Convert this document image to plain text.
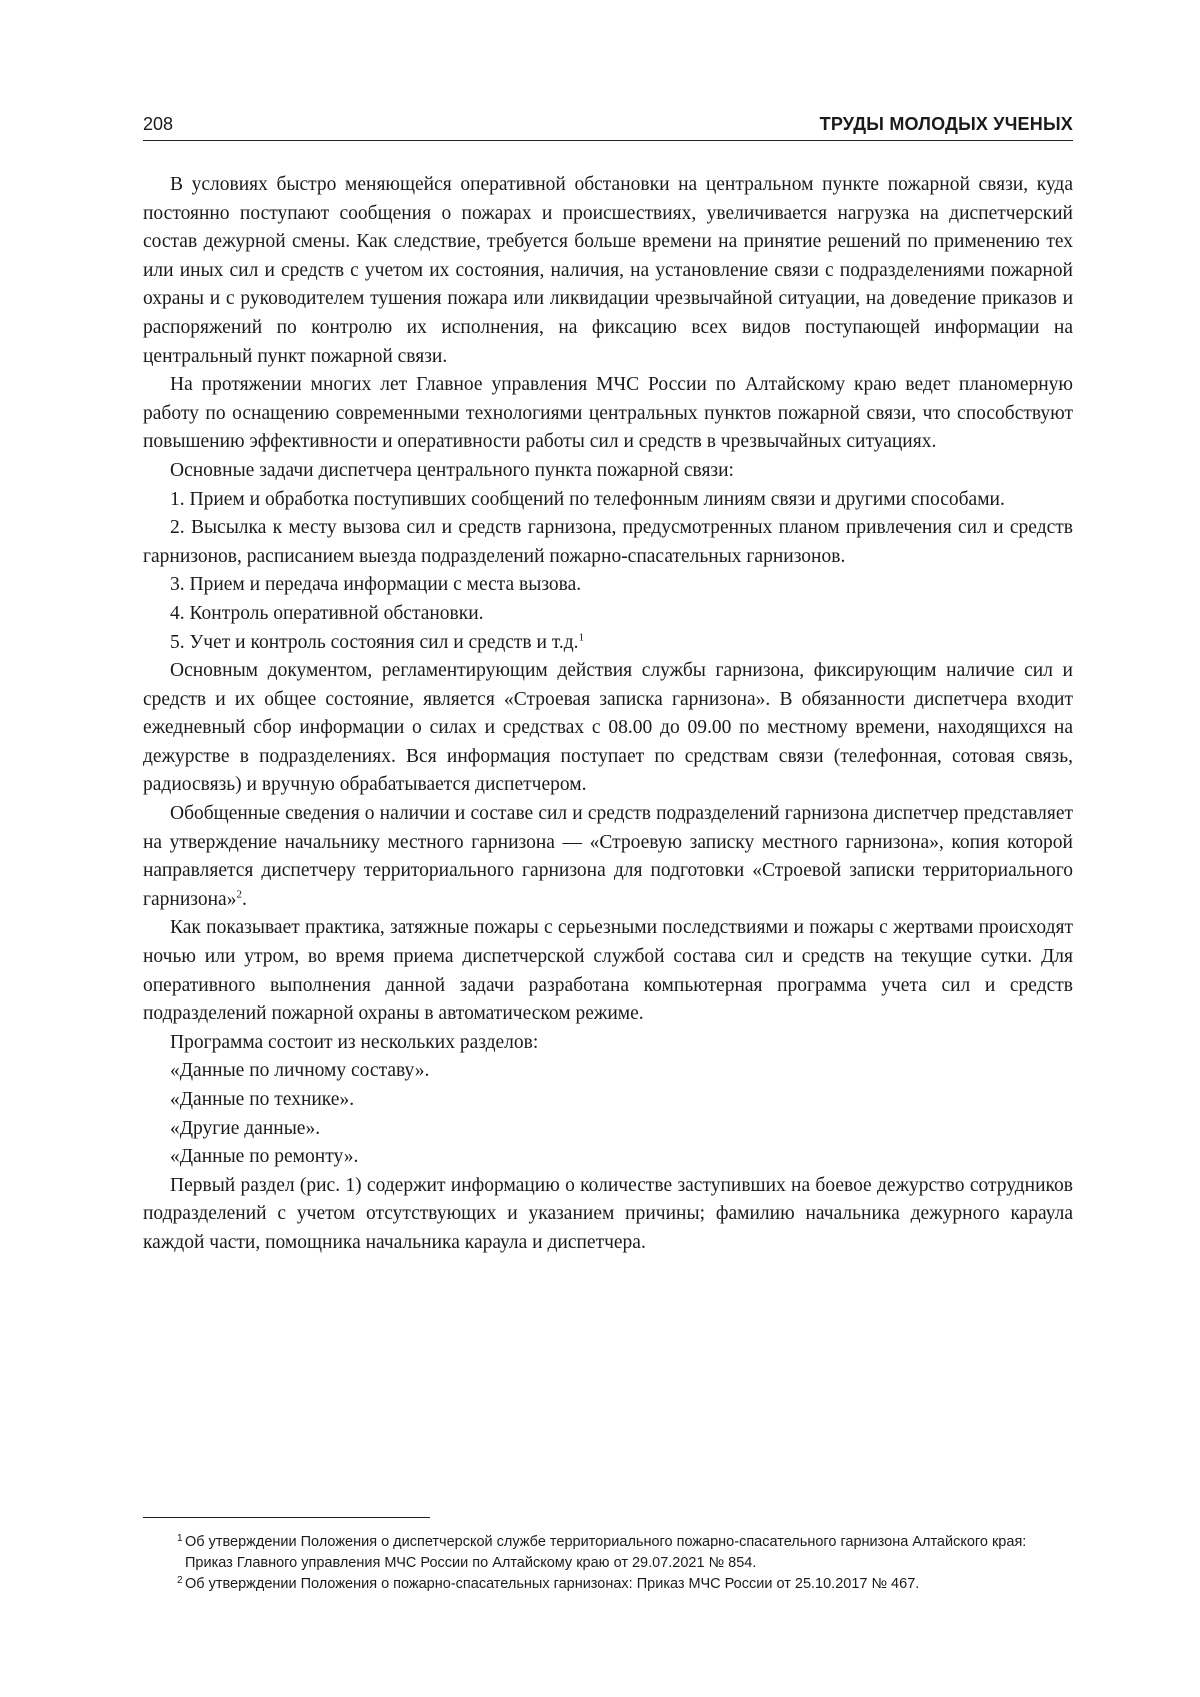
208	ТРУДЫ МОЛОДЫХ УЧЕНЫХ

В условиях быстро меняющейся оперативной обстановки на центральном пункте пожарной связи, куда постоянно поступают сообщения о пожарах и происшествиях, увеличивается нагрузка на диспетчерский состав дежурной смены. Как следствие, требуется больше времени на принятие решений по применению тех или иных сил и средств с учетом их состояния, наличия, на установление связи с подразделениями пожарной охраны и с руководителем тушения пожара или ликвидации чрезвычайной ситуации, на доведение приказов и распоряжений по контролю их исполнения, на фиксацию всех видов поступающей информации на центральный пункт пожарной связи.

На протяжении многих лет Главное управления МЧС России по Алтайскому краю ведет планомерную работу по оснащению современными технологиями центральных пунктов пожарной связи, что способствуют повышению эффективности и оперативности работы сил и средств в чрезвычайных ситуациях.

Основные задачи диспетчера центрального пункта пожарной связи:

1. Прием и обработка поступивших сообщений по телефонным линиям связи и другими способами.

2. Высылка к месту вызова сил и средств гарнизона, предусмотренных планом привлечения сил и средств гарнизонов, расписанием выезда подразделений пожарно-спасательных гарнизонов.

3. Прием и передача информации с места вызова.

4. Контроль оперативной обстановки.

5. Учет и контроль состояния сил и средств и т.д.$^1$

Основным документом, регламентирующим действия службы гарнизона, фиксирующим наличие сил и средств и их общее состояние, является «Строевая записка гарнизона». В обязанности диспетчера входит ежедневный сбор информации о силах и средствах с 08.00 до 09.00 по местному времени, находящихся на дежурстве в подразделениях. Вся информация поступает по средствам связи (телефонная, сотовая связь, радиосвязь) и вручную обрабатывается диспетчером.

Обобщенные сведения о наличии и составе сил и средств подразделений гарнизона диспетчер представляет на утверждение начальнику местного гарнизона — «Строевую записку местного гарнизона», копия которой направляется диспетчеру территориального гарнизона для подготовки «Строевой записки территориального гарнизона»$^2$.

Как показывает практика, затяжные пожары с серьезными последствиями и пожары с жертвами происходят ночью или утром, во время приема диспетчерской службой состава сил и средств на текущие сутки. Для оперативного выполнения данной задачи разработана компьютерная программа учета сил и средств подразделений пожарной охраны в автоматическом режиме.

Программа состоит из нескольких разделов:

«Данные по личному составу».

«Данные по технике».

«Другие данные».

«Данные по ремонту».

Первый раздел (рис. 1) содержит информацию о количестве заступивших на боевое дежурство сотрудников подразделений с учетом отсутствующих и указанием причины; фамилию начальника дежурного караула каждой части, помощника начальника караула и диспетчера.

1 Об утверждении Положения о диспетчерской службе территориального пожарно-спасательного гарнизона Алтайского края: Приказ Главного управления МЧС России по Алтайскому краю от 29.07.2021 № 854.
2 Об утверждении Положения о пожарно-спасательных гарнизонах: Приказ МЧС России от 25.10.2017 № 467.
